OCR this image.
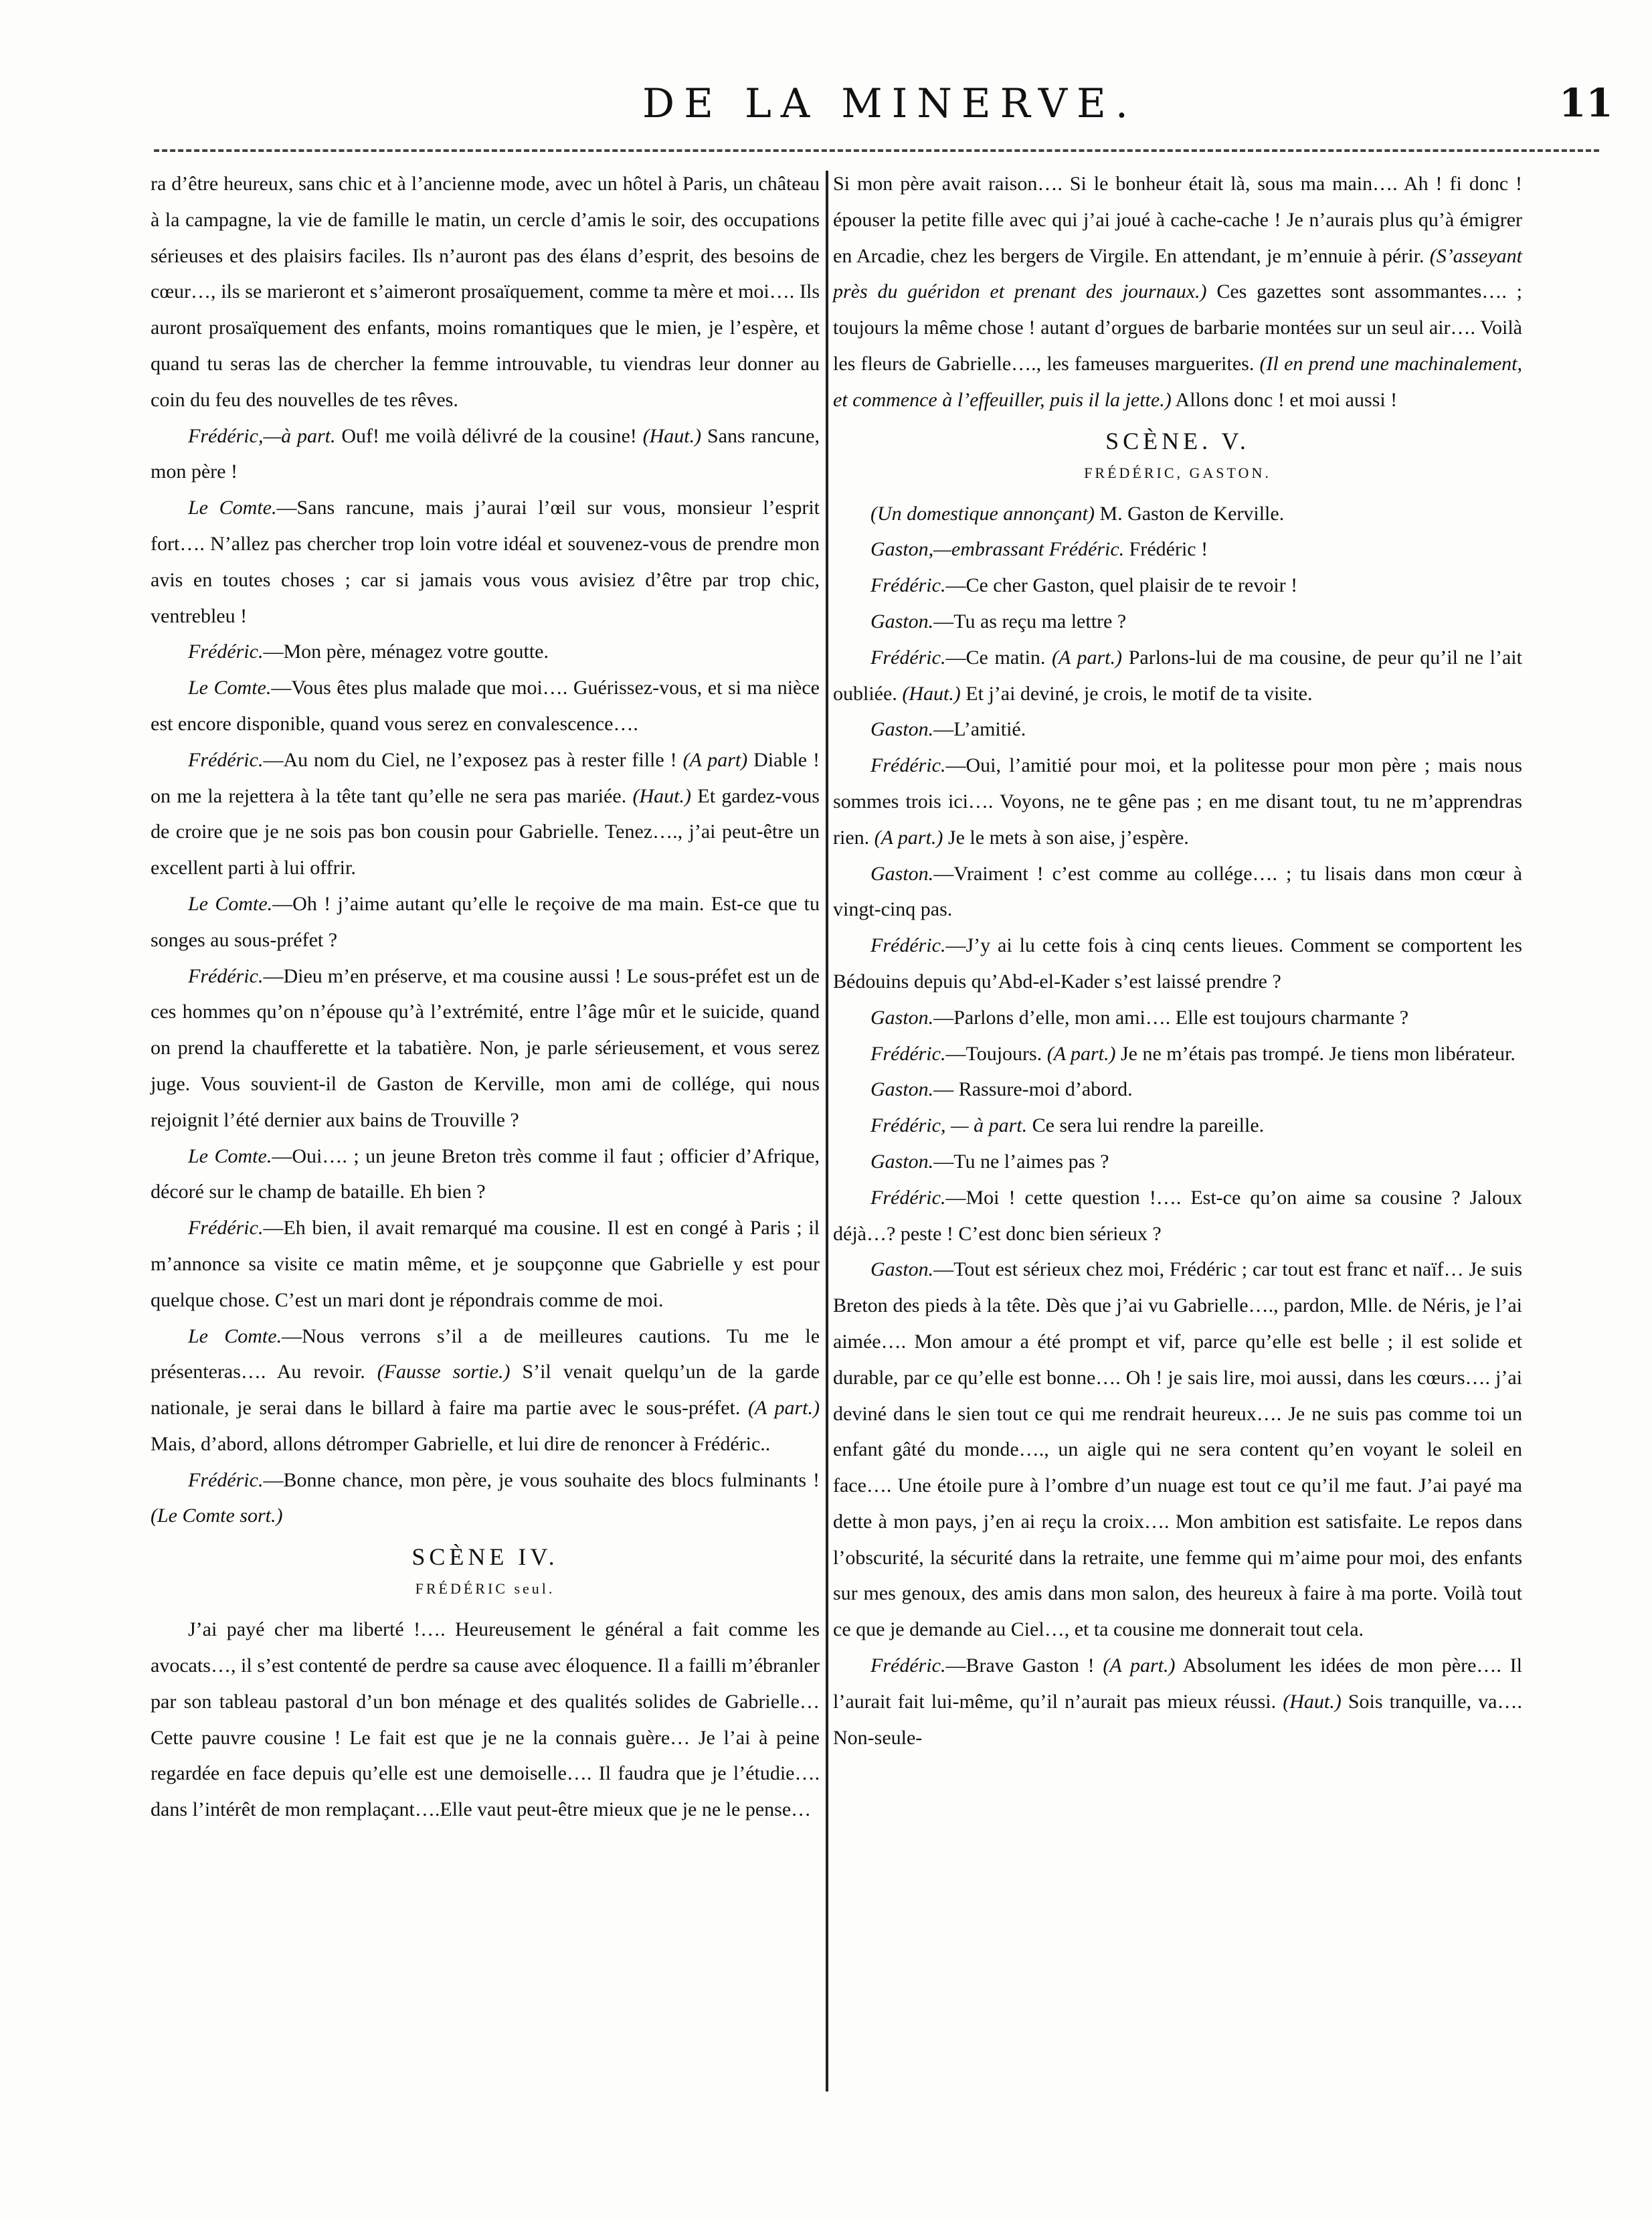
DE LA MINERVE.	11

ra d’être heureux, sans chic et à l’ancienne mode, avec un hôtel à Paris, un château à la campagne, la vie de famille le matin, un cercle d’amis le soir, des occupations sérieuses et des plaisirs faciles. Ils n’auront pas des élans d’esprit, des besoins de cœur…, ils se marieront et s’aimeront prosaïquement, comme ta mère et moi…. Ils auront prosaïquement des enfants, moins romantiques que le mien, je l’espère, et quand tu seras las de chercher la femme introuvable, tu viendras leur donner au coin du feu des nouvelles de tes rêves.

Frédéric,—à part. Ouf! me voilà délivré de la cousine! (Haut.) Sans rancune, mon père !

Le Comte.—Sans rancune, mais j’aurai l’œil sur vous, monsieur l’esprit fort…. N’allez pas chercher trop loin votre idéal et souvenez-vous de prendre mon avis en toutes choses ; car si jamais vous vous avisiez d’être par trop chic, ventrebleu !

Frédéric.—Mon père, ménagez votre goutte.

Le Comte.—Vous êtes plus malade que moi…. Guérissez-vous, et si ma nièce est encore disponible, quand vous serez en convalescence….

Frédéric.—Au nom du Ciel, ne l’exposez pas à rester fille ! (A part) Diable ! on me la rejettera à la tête tant qu’elle ne sera pas mariée. (Haut.) Et gardez-vous de croire que je ne sois pas bon cousin pour Gabrielle. Tenez…., j’ai peut-être un excellent parti à lui offrir.

Le Comte.—Oh ! j’aime autant qu’elle le reçoive de ma main. Est-ce que tu songes au sous-préfet ?

Frédéric.—Dieu m’en préserve, et ma cousine aussi ! Le sous-préfet est un de ces hommes qu’on n’épouse qu’à l’extrémité, entre l’âge mûr et le suicide, quand on prend la chaufferette et la tabatière. Non, je parle sérieusement, et vous serez juge. Vous souvient-il de Gaston de Kerville, mon ami de collége, qui nous rejoignit l’été dernier aux bains de Trouville ?

Le Comte.—Oui…. ; un jeune Breton très comme il faut ; officier d’Afrique, décoré sur le champ de bataille. Eh bien ?

Frédéric.—Eh bien, il avait remarqué ma cousine. Il est en congé à Paris ; il m’annonce sa visite ce matin même, et je soupçonne que Gabrielle y est pour quelque chose. C’est un mari dont je répondrais comme de moi.

Le Comte.—Nous verrons s’il a de meilleures cautions. Tu me le présenteras…. Au revoir. (Fausse sortie.) S’il venait quelqu’un de la garde nationale, je serai dans le billard à faire ma partie avec le sous-préfet. (A part.) Mais, d’abord, allons détromper Gabrielle, et lui dire de renoncer à Frédéric..

Frédéric.—Bonne chance, mon père, je vous souhaite des blocs fulminants ! (Le Comte sort.)

SCÈNE IV.
FRÉDÉRIC seul.

J’ai payé cher ma liberté !…. Heureusement le général a fait comme les avocats…, il s’est contenté de perdre sa cause avec éloquence. Il a failli m’ébranler par son tableau pastoral d’un bon ménage et des qualités solides de Gabrielle… Cette pauvre cousine ! Le fait est que je ne la connais guère… Je l’ai à peine regardée en face depuis qu’elle est une demoiselle…. Il faudra que je l’étudie…. dans l’intérêt de mon remplaçant….Elle vaut peut-être mieux que je ne le pense…

Si mon père avait raison…. Si le bonheur était là, sous ma main…. Ah ! fi donc ! épouser la petite fille avec qui j’ai joué à cache-cache ! Je n’aurais plus qu’à émigrer en Arcadie, chez les bergers de Virgile. En attendant, je m’ennuie à périr. (S’asseyant près du guéridon et prenant des journaux.) Ces gazettes sont assommantes…. ; toujours la même chose ! autant d’orgues de barbarie montées sur un seul air…. Voilà les fleurs de Gabrielle…., les fameuses marguerites. (Il en prend une machinalement, et commence à l’effeuiller, puis il la jette.) Allons donc ! et moi aussi !

SCÈNE. V.
FRÉDÉRIC, GASTON.

(Un domestique annonçant) M. Gaston de Kerville.

Gaston,—embrassant Frédéric. Frédéric !

Frédéric.—Ce cher Gaston, quel plaisir de te revoir !

Gaston.—Tu as reçu ma lettre ?

Frédéric.—Ce matin. (A part.) Parlons-lui de ma cousine, de peur qu’il ne l’ait oubliée. (Haut.) Et j’ai deviné, je crois, le motif de ta visite.

Gaston.—L’amitié.

Frédéric.—Oui, l’amitié pour moi, et la politesse pour mon père ; mais nous sommes trois ici…. Voyons, ne te gêne pas ; en me disant tout, tu ne m’apprendras rien. (A part.) Je le mets à son aise, j’espère.

Gaston.—Vraiment ! c’est comme au collége…. ; tu lisais dans mon cœur à vingt-cinq pas.

Frédéric.—J’y ai lu cette fois à cinq cents lieues. Comment se comportent les Bédouins depuis qu’Abd-el-Kader s’est laissé prendre ?

Gaston.—Parlons d’elle, mon ami…. Elle est toujours charmante ?

Frédéric.—Toujours. (A part.) Je ne m’étais pas trompé. Je tiens mon libérateur.

Gaston.— Rassure-moi d’abord.

Frédéric, — à part. Ce sera lui rendre la pareille.

Gaston.—Tu ne l’aimes pas ?

Frédéric.—Moi ! cette question !…. Est-ce qu’on aime sa cousine ? Jaloux déjà…? peste ! C’est donc bien sérieux ?

Gaston.—Tout est sérieux chez moi, Frédéric ; car tout est franc et naïf… Je suis Breton des pieds à la tête. Dès que j’ai vu Gabrielle…., pardon, Mlle. de Néris, je l’ai aimée…. Mon amour a été prompt et vif, parce qu’elle est belle ; il est solide et durable, par ce qu’elle est bonne…. Oh ! je sais lire, moi aussi, dans les cœurs…. j’ai deviné dans le sien tout ce qui me rendrait heureux…. Je ne suis pas comme toi un enfant gâté du monde…., un aigle qui ne sera content qu’en voyant le soleil en face…. Une étoile pure à l’ombre d’un nuage est tout ce qu’il me faut. J’ai payé ma dette à mon pays, j’en ai reçu la croix…. Mon ambition est satisfaite. Le repos dans l’obscurité, la sécurité dans la retraite, une femme qui m’aime pour moi, des enfants sur mes genoux, des amis dans mon salon, des heureux à faire à ma porte. Voilà tout ce que je demande au Ciel…, et ta cousine me donnerait tout cela.

Frédéric.—Brave Gaston ! (A part.) Absolument les idées de mon père…. Il l’aurait fait lui-même, qu’il n’aurait pas mieux réussi. (Haut.) Sois tranquille, va…. Non-seule-
